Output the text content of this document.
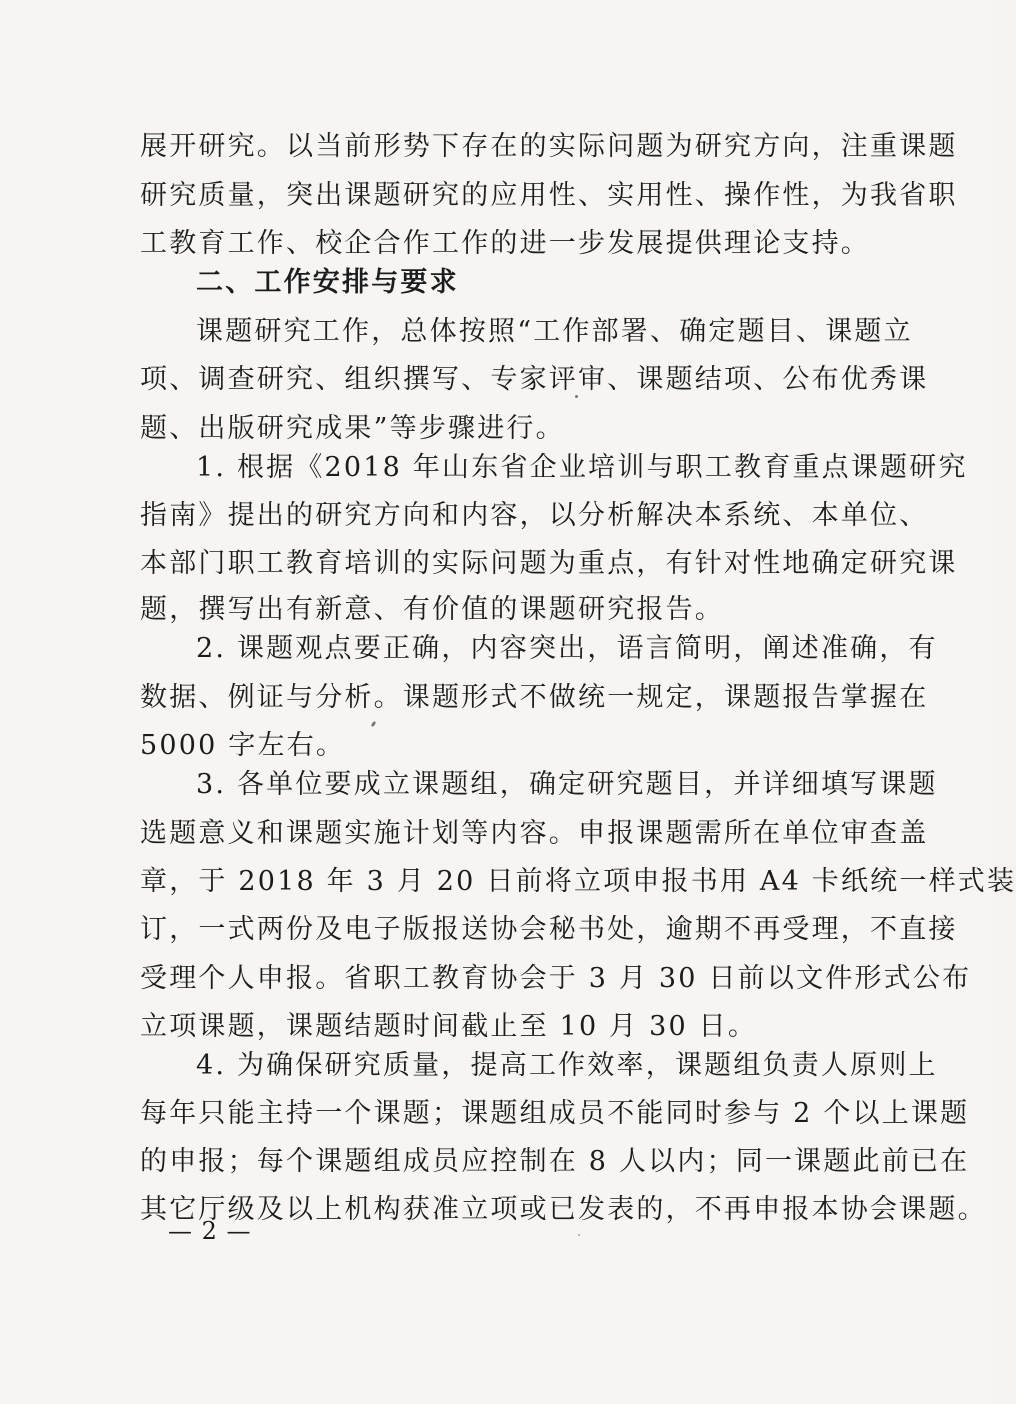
展开研究。以当前形势下存在的实际问题为研究方向，注重课题
研究质量，突出课题研究的应用性、实用性、操作性，为我省职
工教育工作、校企合作工作的进一步发展提供理论支持。
二、工作安排与要求
课题研究工作，总体按照“工作部署、确定题目、课题立
项、调查研究、组织撰写、专家评审、课题结项、公布优秀课
题、出版研究成果”等步骤进行。
1. 根据《2018 年山东省企业培训与职工教育重点课题研究
指南》提出的研究方向和内容，以分析解决本系统、本单位、
本部门职工教育培训的实际问题为重点，有针对性地确定研究课
题，撰写出有新意、有价值的课题研究报告。
2. 课题观点要正确，内容突出，语言简明，阐述准确，有
数据、例证与分析。课题形式不做统一规定，课题报告掌握在
5000 字左右。
3. 各单位要成立课题组，确定研究题目，并详细填写课题
选题意义和课题实施计划等内容。申报课题需所在单位审查盖
章，于 2018 年 3 月 20 日前将立项申报书用 A4 卡纸统一样式装
订，一式两份及电子版报送协会秘书处，逾期不再受理，不直接
受理个人申报。省职工教育协会于 3 月 30 日前以文件形式公布
立项课题，课题结题时间截止至 10 月 30 日。
4. 为确保研究质量，提高工作效率，课题组负责人原则上
每年只能主持一个课题；课题组成员不能同时参与 2 个以上课题
的申报；每个课题组成员应控制在 8 人以内；同一课题此前已在
其它厅级及以上机构获准立项或已发表的，不再申报本协会课题。
— 2 —
